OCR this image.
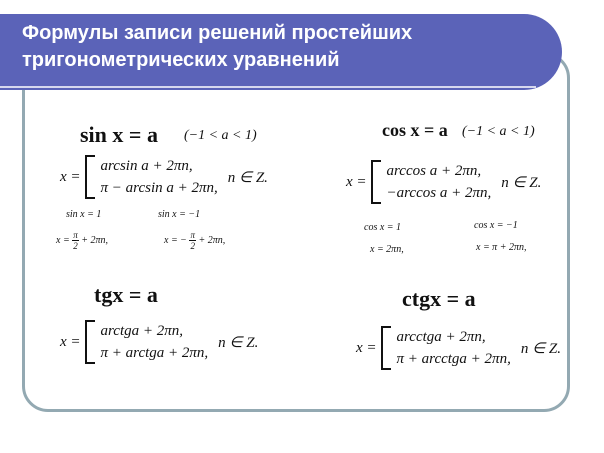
Формулы записи решений простейших
тригонометрических уравнений
sin x = a (−1 < a < 1)
x =
arcsin a + 2πn,
π − arcsin a + 2πn,
n ∈ Z.
sin x = 1	sin x = −1
$x = \frac{\pi}{2} + 2\pi n$,	x = − $\frac{\pi}{2} + 2\pi n$,
cos x = a (−1 < a < 1)
x =
arccos a + 2πn,
−arccos a + 2πn,
n ∈ Z.
cos x = 1	cos x = −1
x = 2πn,	x = π + 2πn,
tgx = a
x =
arctga + 2πn,
π + arctga + 2πn,
n ∈ Z.
ctgx = a
x =
arcctga + 2πn,
π + arcctga + 2πn,
n ∈ Z.
